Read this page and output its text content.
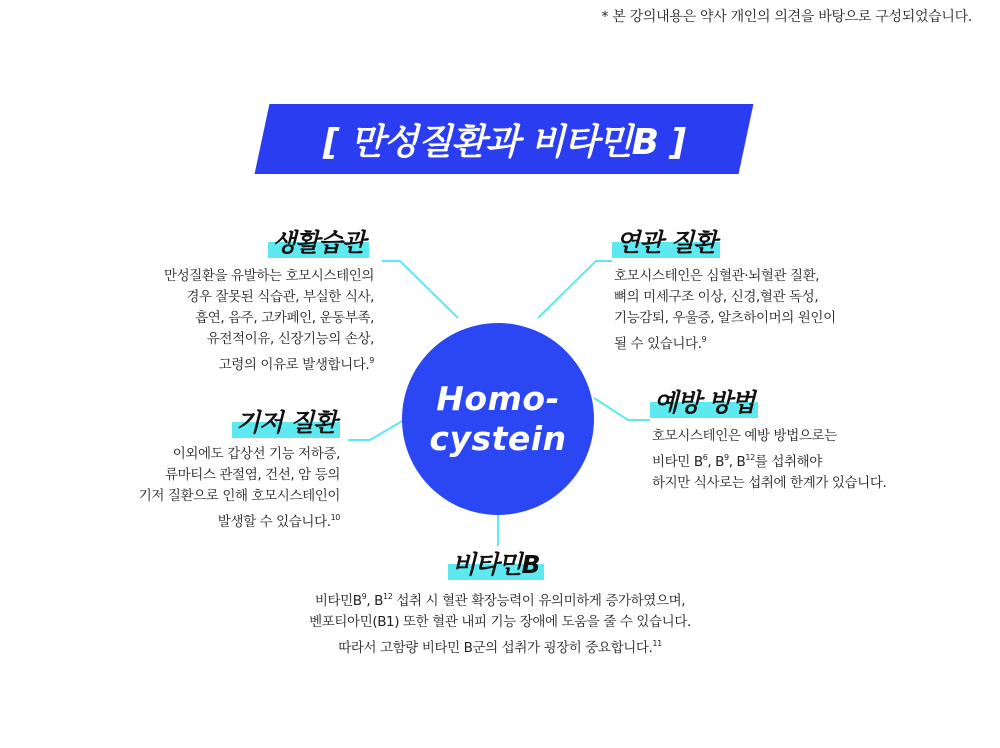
* 본 강의내용은 약사 개인의 의견을 바탕으로 구성되었습니다.
[ 만성질환과 비타민B ]
Homo-
cystein
생활습관
만성질환을 유발하는 호모시스테인의
경우 잘못된 식습관, 부실한 식사,
흡연, 음주, 고카페인, 운동부족,
유전적이유, 신장기능의 손상,
고령의 이유로 발생합니다.$^9$
연관 질환
호모시스테인은 심혈관·뇌혈관 질환,
뼈의 미세구조 이상, 신경,혈관 독성,
기능감퇴, 우울증, 알츠하이머의 원인이
될 수 있습니다.$^9$
기저 질환
이외에도 갑상선 기능 저하증,
류마티스 관절염, 건선, 암 등의
기저 질환으로 인해 호모시스테인이
발생할 수 있습니다.$^{10}$
예방 방법
호모시스테인은 예방 방법으로는
비타민 $B^6$, $B^9$, $B^{12}$를 섭취해야
하지만 식사로는 섭취에 한계가 있습니다.
비타민B
비타민$B^9$, $B^{12}$ 섭취 시 혈관 확장능력이 유의미하게 증가하였으며,
벤포티아민(B1) 또한 혈관 내피 기능 장애에 도움을 줄 수 있습니다.
따라서 고함량 비타민 B군의 섭취가 굉장히 중요합니다.$^{11}$
